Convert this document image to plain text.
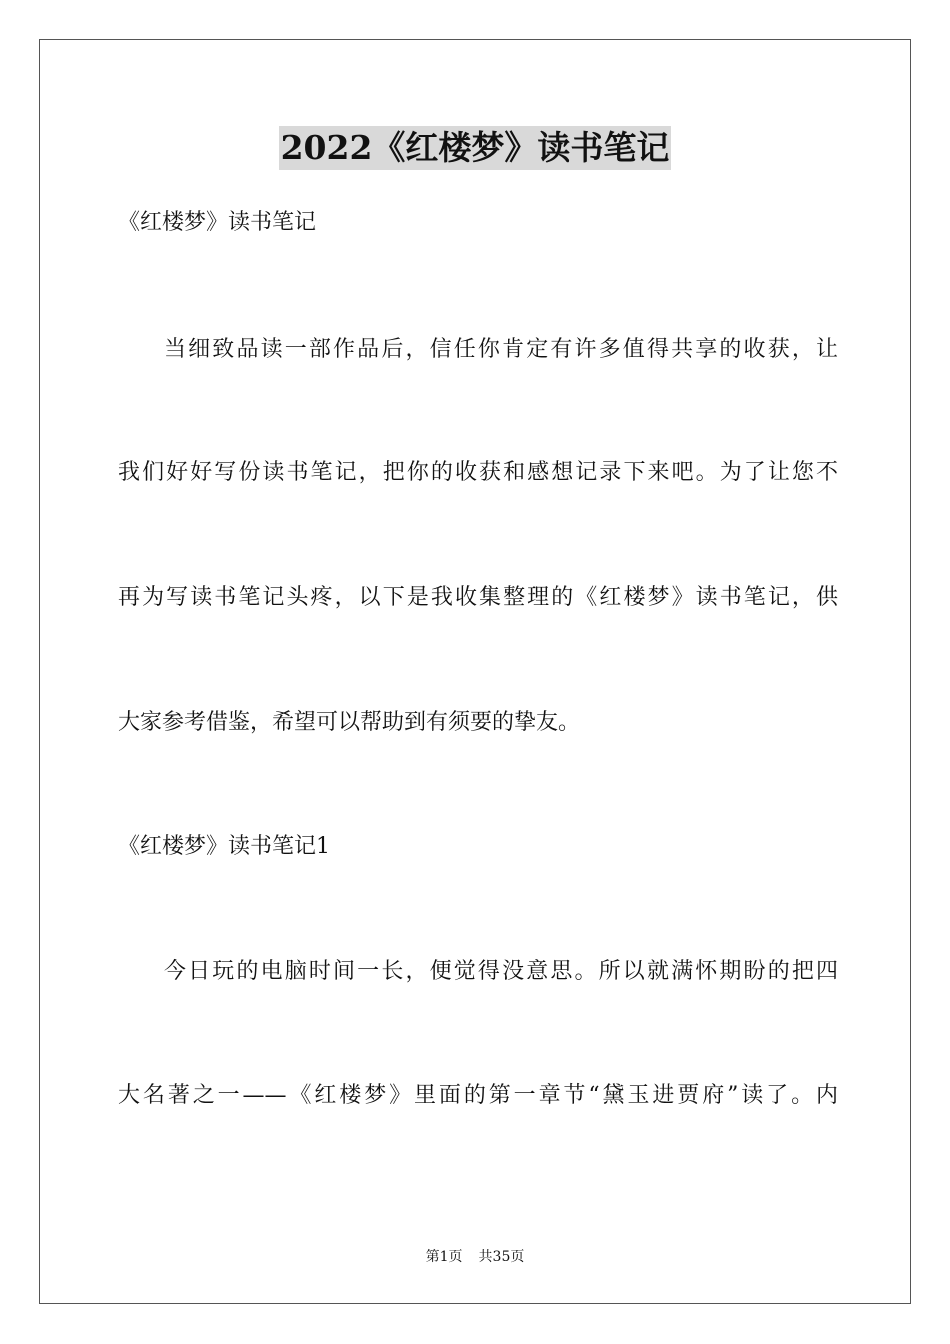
2022《红楼梦》读书笔记
《红楼梦》读书笔记
当细致品读一部作品后，信任你肯定有许多值得共享的收获，让
我们好好写份读书笔记，把你的收获和感想记录下来吧。为了让您不
再为写读书笔记头疼，以下是我收集整理的《红楼梦》读书笔记，供
大家参考借鉴，希望可以帮助到有须要的挚友。
《红楼梦》读书笔记1
今日玩的电脑时间一长，便觉得没意思。所以就满怀期盼的把四
大名著之一——《红楼梦》里面的第一章节“黛玉进贾府”读了。内
第1页 共35页
